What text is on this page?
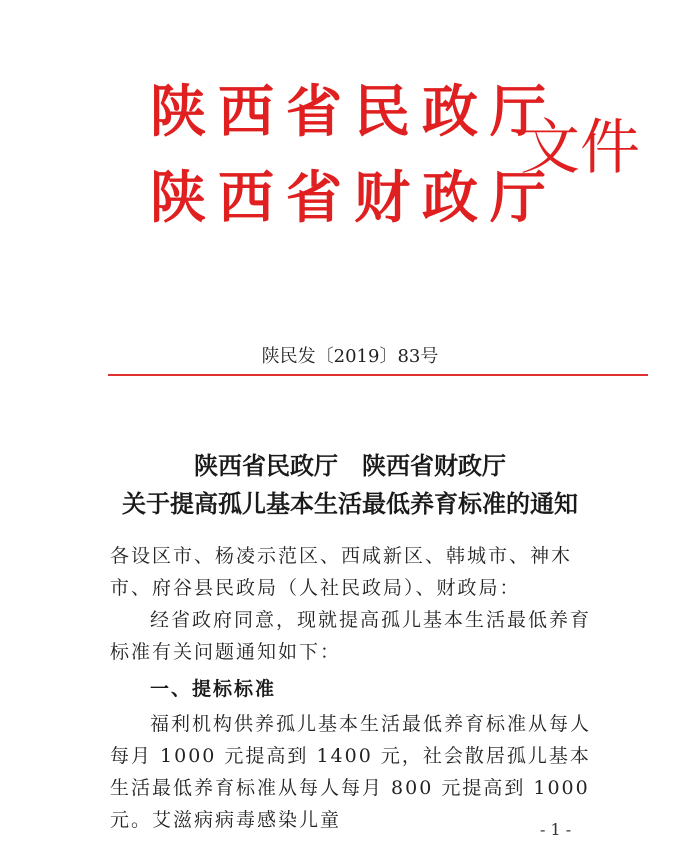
陕西省民政厅
陕西省财政厅
文件
陕民发〔2019〕83号
陕西省民政厅　陕西省财政厅
关于提高孤儿基本生活最低养育标准的通知
各设区市、杨凌示范区、西咸新区、韩城市、神木市、府谷县民政局（人社民政局）、财政局：
经省政府同意，现就提高孤儿基本生活最低养育标准有关问题通知如下：
一、提标标准
福利机构供养孤儿基本生活最低养育标准从每人每月 1000 元提高到 1400 元，社会散居孤儿基本生活最低养育标准从每人每月 800 元提高到 1000 元。艾滋病病毒感染儿童	- 1 -
